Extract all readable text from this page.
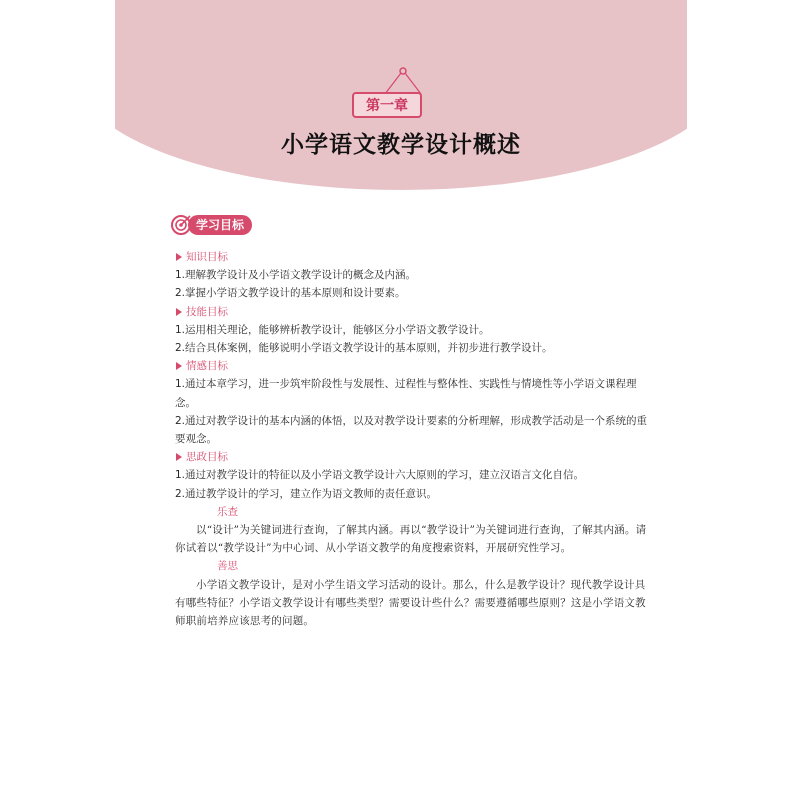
第一章
小学语文教学设计概述
学习目标
知识目标

1.理解教学设计及小学语文教学设计的概念及内涵。

2.掌握小学语文教学设计的基本原则和设计要素。

技能目标

1.运用相关理论，能够辨析教学设计，能够区分小学语文教学设计。

2.结合具体案例，能够说明小学语文教学设计的基本原则，并初步进行教学设计。

情感目标

1.通过本章学习，进一步筑牢阶段性与发展性、过程性与整体性、实践性与情境性等小学语文课程理念。

2.通过对教学设计的基本内涵的体悟，以及对教学设计要素的分析理解，形成教学活动是一个系统的重要观念。

思政目标

1.通过对教学设计的特征以及小学语文教学设计六大原则的学习，建立汉语言文化自信。

2.通过教学设计的学习，建立作为语文教师的责任意识。

乐查

以“设计”为关键词进行查询，了解其内涵。再以“教学设计”为关键词进行查询，了解其内涵。请你试着以“教学设计”为中心词、从小学语文教学的角度搜索资料，开展研究性学习。

善思

小学语文教学设计，是对小学生语文学习活动的设计。那么，什么是教学设计？现代教学设计具有哪些特征？小学语文教学设计有哪些类型？需要设计些什么？需要遵循哪些原则？这是小学语文教师职前培养应该思考的问题。
